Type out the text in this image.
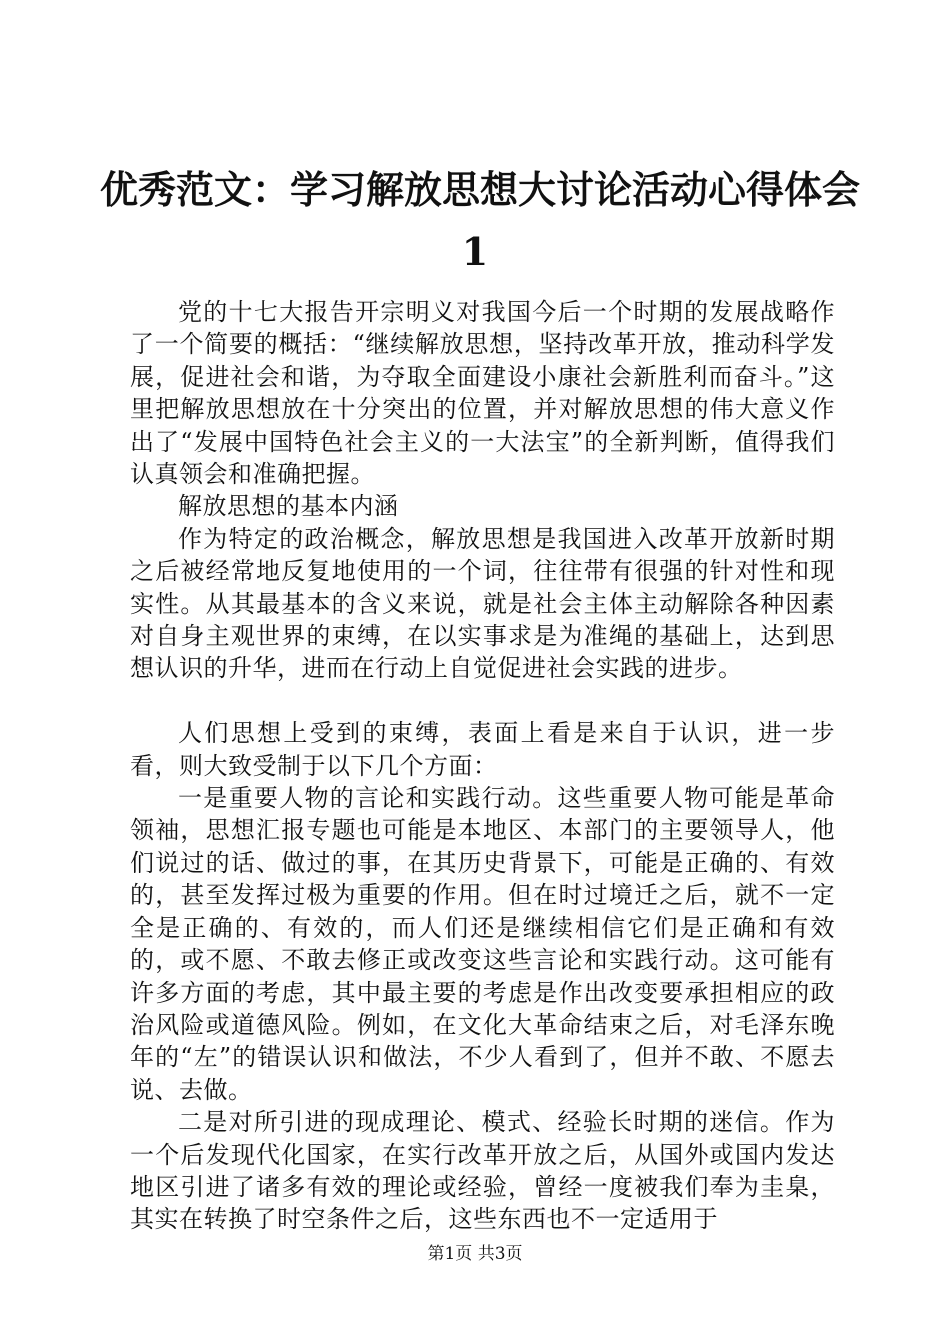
优秀范文：学习解放思想大讨论活动心得体会
1

党的十七大报告开宗明义对我国今后一个时期的发展战略作了一个简要的概括：“继续解放思想，坚持改革开放，推动科学发展，促进社会和谐，为夺取全面建设小康社会新胜利而奋斗。”这里把解放思想放在十分突出的位置，并对解放思想的伟大意义作出了“发展中国特色社会主义的一大法宝”的全新判断，值得我们认真领会和准确把握。

解放思想的基本内涵

作为特定的政治概念，解放思想是我国进入改革开放新时期之后被经常地反复地使用的一个词，往往带有很强的针对性和现实性。从其最基本的含义来说，就是社会主体主动解除各种因素对自身主观世界的束缚，在以实事求是为准绳的基础上，达到思想认识的升华，进而在行动上自觉促进社会实践的进步。

人们思想上受到的束缚，表面上看是来自于认识，进一步看，则大致受制于以下几个方面：

一是重要人物的言论和实践行动。这些重要人物可能是革命领袖，思想汇报专题也可能是本地区、本部门的主要领导人，他们说过的话、做过的事，在其历史背景下，可能是正确的、有效的，甚至发挥过极为重要的作用。但在时过境迁之后，就不一定全是正确的、有效的，而人们还是继续相信它们是正确和有效的，或不愿、不敢去修正或改变这些言论和实践行动。这可能有许多方面的考虑，其中最主要的考虑是作出改变要承担相应的政治风险或道德风险。例如，在文化大革命结束之后，对毛泽东晚年的“左”的错误认识和做法，不少人看到了，但并不敢、不愿去说、去做。

二是对所引进的现成理论、模式、经验长时期的迷信。作为一个后发现代化国家，在实行改革开放之后，从国外或国内发达地区引进了诸多有效的理论或经验，曾经一度被我们奉为圭臬，其实在转换了时空条件之后，这些东西也不一定适用于

第1页 共3页
